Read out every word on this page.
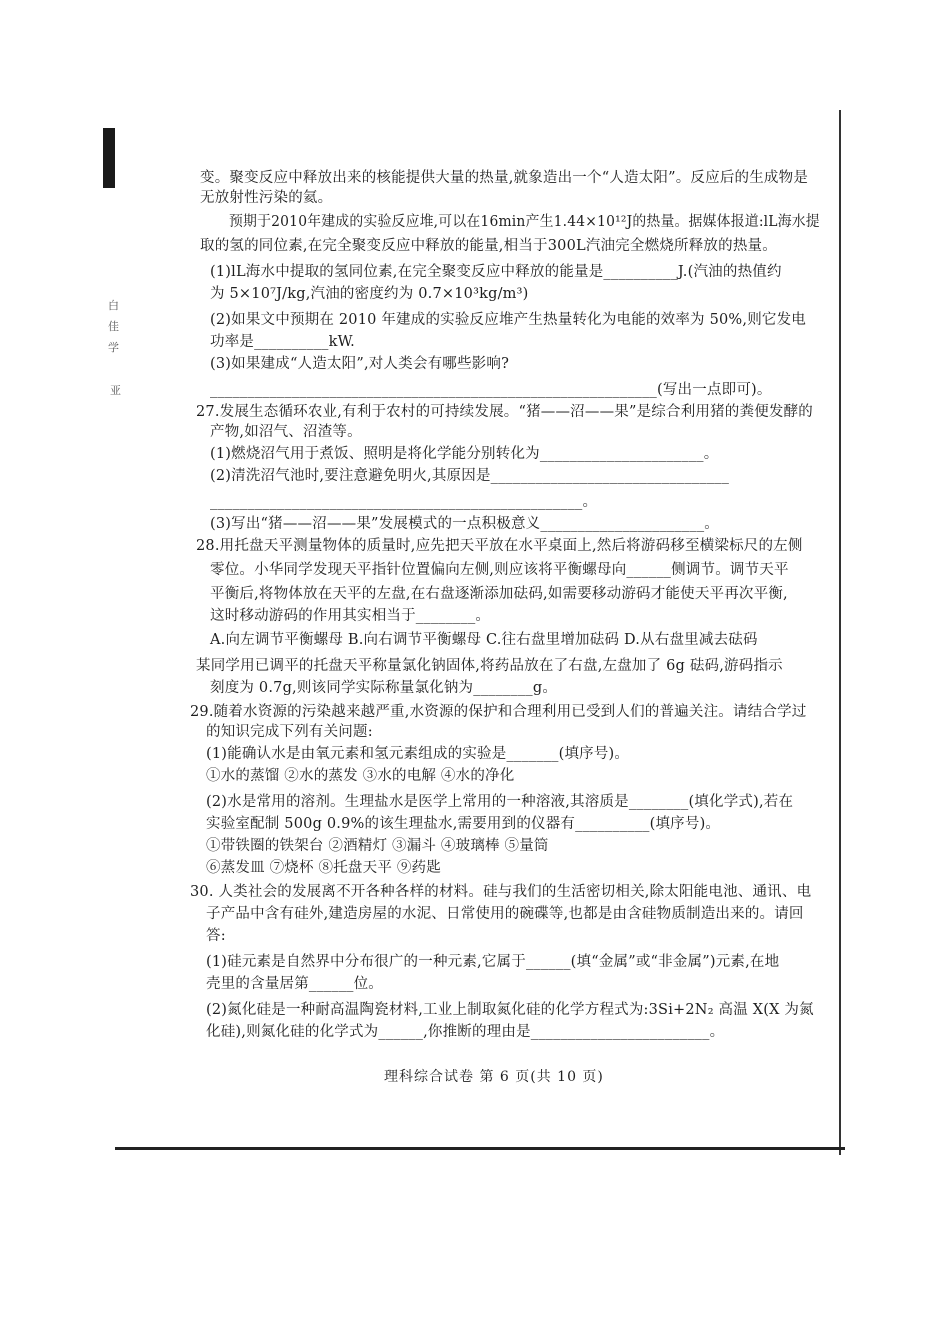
白
佳
学
亚
变。聚变反应中释放出来的核能提供大量的热量,就象造出一个“人造太阳”。反应后的生成物是
无放射性污染的氦。
预期于2010年建成的实验反应堆,可以在16min产生1.44×10¹²J的热量。据媒体报道:lL海水提
取的氢的同位素,在完全聚变反应中释放的能量,相当于300L汽油完全燃烧所释放的热量。
(1)lL海水中提取的氢同位素,在完全聚变反应中释放的能量是__________J.(汽油的热值约
为 5×10⁷J/kg,汽油的密度约为 0.7×10³kg/m³)
(2)如果文中预期在 2010 年建成的实验反应堆产生热量转化为电能的效率为 50%,则它发电
功率是__________kW.
(3)如果建成“人造太阳”,对人类会有哪些影响?
____________________________________________________________(写出一点即可)。
27.发展生态循环农业,有利于农村的可持续发展。“猪——沼——果”是综合利用猪的粪便发酵的
产物,如沼气、沼渣等。
(1)燃烧沼气用于煮饭、照明是将化学能分别转化为______________________。
(2)清洗沼气池时,要注意避免明火,其原因是________________________________
__________________________________________________。
(3)写出“猪——沼——果”发展模式的一点积极意义______________________。
28.用托盘天平测量物体的质量时,应先把天平放在水平桌面上,然后将游码移至横梁标尺的左侧
零位。小华同学发现天平指针位置偏向左侧,则应该将平衡螺母向______侧调节。调节天平
平衡后,将物体放在天平的左盘,在右盘逐渐添加砝码,如需要移动游码才能使天平再次平衡,
这时移动游码的作用其实相当于________。
A.向左调节平衡螺母 B.向右调节平衡螺母 C.往右盘里增加砝码 D.从右盘里减去砝码
某同学用已调平的托盘天平称量氯化钠固体,将药品放在了右盘,左盘加了 6g 砝码,游码指示
刻度为 0.7g,则该同学实际称量氯化钠为________g。
29.随着水资源的污染越来越严重,水资源的保护和合理利用已受到人们的普遍关注。请结合学过
的知识完成下列有关问题:
(1)能确认水是由氧元素和氢元素组成的实验是_______(填序号)。
①水的蒸馏 ②水的蒸发 ③水的电解 ④水的净化
(2)水是常用的溶剂。生理盐水是医学上常用的一种溶液,其溶质是________(填化学式),若在
实验室配制 500g 0.9%的该生理盐水,需要用到的仪器有__________(填序号)。
①带铁圈的铁架台 ②酒精灯 ③漏斗 ④玻璃棒 ⑤量筒
⑥蒸发皿 ⑦烧杯 ⑧托盘天平 ⑨药匙
30. 人类社会的发展离不开各种各样的材料。硅与我们的生活密切相关,除太阳能电池、通讯、电
子产品中含有硅外,建造房屋的水泥、日常使用的碗碟等,也都是由含硅物质制造出来的。请回
答:
(1)硅元素是自然界中分布很广的一种元素,它属于______(填“金属”或“非金属”)元素,在地
壳里的含量居第______位。
(2)氮化硅是一种耐高温陶瓷材料,工业上制取氮化硅的化学方程式为:3Si+2N₂ 高温 X(X 为氮
化硅),则氮化硅的化学式为______,你推断的理由是________________________。
理科综合试卷 第 6 页(共 10 页)
